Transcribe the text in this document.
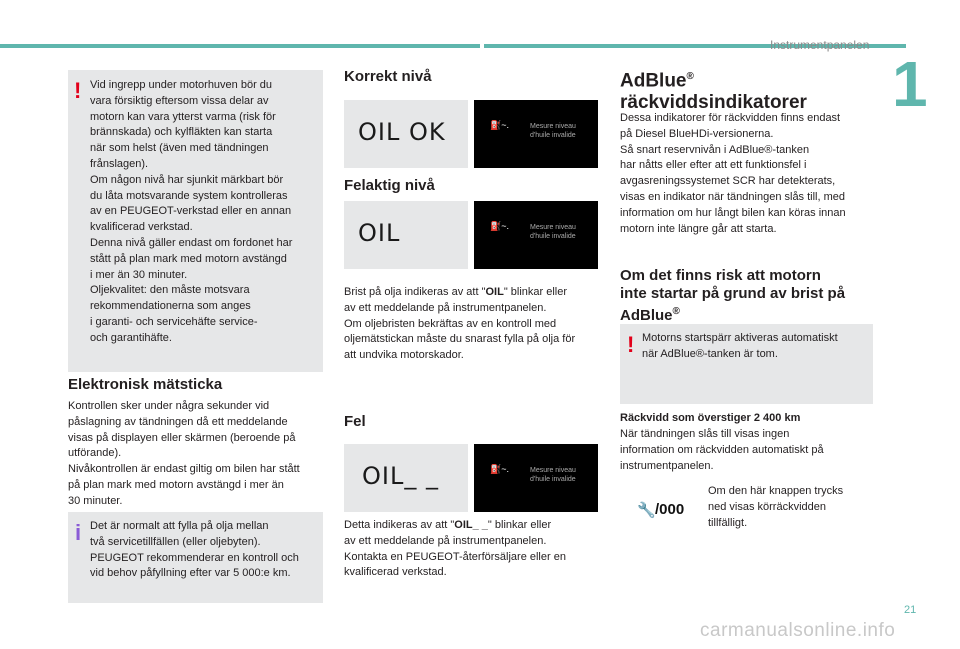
Instrumentpanelen
1
! Vid ingrepp under motorhuven bör du
vara försiktig eftersom vissa delar av
motorn kan vara ytterst varma (risk för
brännskada) och kylfläkten kan starta
när som helst (även med tändningen
frånslagen).
Om någon nivå har sjunkit märkbart bör
du låta motsvarande system kontrolleras
av en PEUGEOT-verkstad eller en annan
kvalificerad verkstad.
Denna nivå gäller endast om fordonet har
stått på plan mark med motorn avstängd
i mer än 30 minuter.
Oljekvalitet: den måste motsvara
rekommendationerna som anges
i garanti- och servicehäfte service-
och garantihäfte.
Elektronisk mätsticka
Kontrollen sker under några sekunder vid
påslagning av tändningen då ett meddelande
visas på displayen eller skärmen (beroende på
utförande).
Nivåkontrollen är endast giltig om bilen har stått
på plan mark med motorn avstängd i mer än
30 minuter.
i Det är normalt att fylla på olja mellan
två servicetillfällen (eller oljebyten).
PEUGEOT rekommenderar en kontroll och
vid behov påfyllning efter var 5 000:e km.
Korrekt nivå
OIL OK	⛽~.	Mesure niveau
d'huile invalide
Felaktig nivå
OIL	⛽~.	Mesure niveau
d'huile invalide
Brist på olja indikeras av att "OIL" blinkar eller
av ett meddelande på instrumentpanelen.
Om oljebristen bekräftas av en kontroll med
oljemätstickan måste du snarast fylla på olja för
att undvika motorskador.
Fel
OIL_ _	⛽~.	Mesure niveau
d'huile invalide
Detta indikeras av att "OIL_ _" blinkar eller
av ett meddelande på instrumentpanelen.
Kontakta en PEUGEOT-återförsäljare eller en
kvalificerad verkstad.
AdBlue®
räckviddsindikatorer
Dessa indikatorer för räckvidden finns endast
på Diesel BlueHDi-versionerna.
Så snart reservnivån i AdBlue®-tanken
har nåtts eller efter att ett funktionsfel i
avgasreningssystemet SCR har detekterats,
visas en indikator när tändningen slås till, med
information om hur långt bilen kan köras innan
motorn inte längre går att starta.
Om det finns risk att motorn
inte startar på grund av brist på
AdBlue®
! Motorns startspärr aktiveras automatiskt
när AdBlue®-tanken är tom.
Räckvidd som överstiger 2 400 km
När tändningen slås till visas ingen
information om räckvidden automatiskt på
instrumentpanelen.
🔧 /000
Om den här knappen trycks
ned visas körräckvidden
tillfälligt.
21
carmanualsonline.info
